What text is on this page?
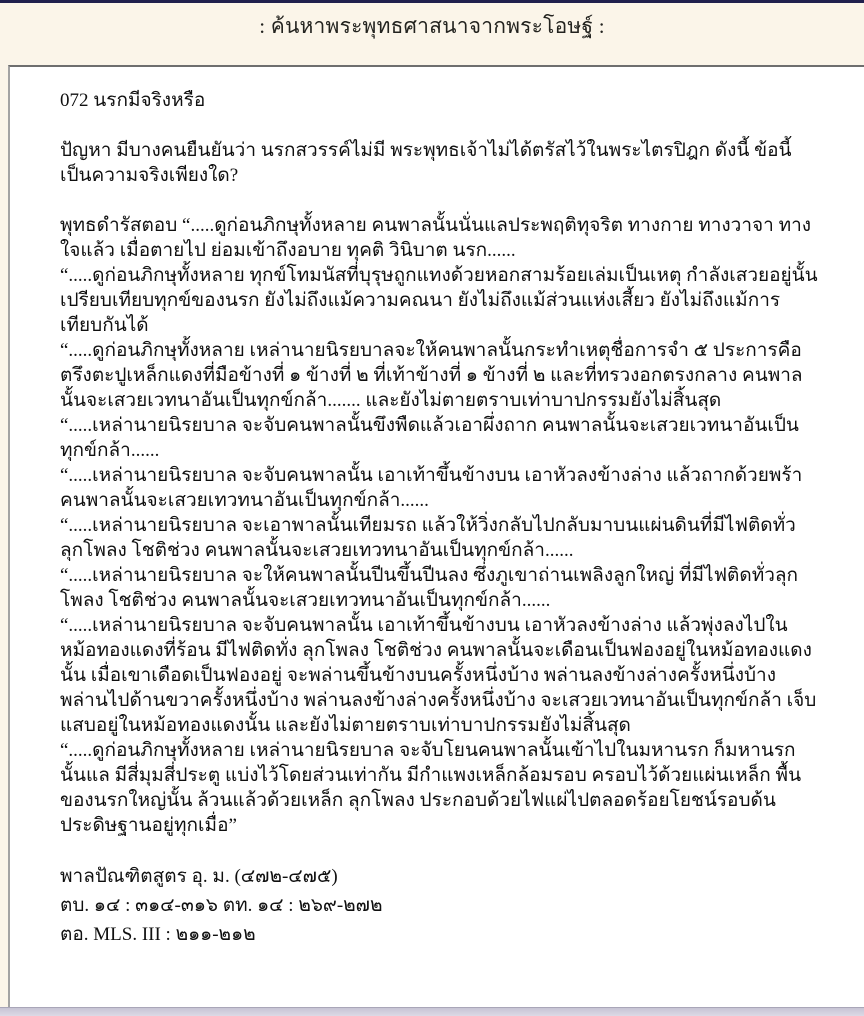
: ค้นหาพระพุทธศาสนาจากพระโอษฐ์ :

072 นรกมีจริงหรือ

ปัญหา มีบางคนยืนยันว่า นรกสวรรค์ไม่มี พระพุทธเจ้าไม่ได้ตรัสไว้ในพระไตรปิฎก ดังนี้ ข้อนี้เป็นความจริงเพียงใด?

พุทธดำรัสตอบ “.....ดูก่อนภิกษุทั้งหลาย คนพาลนั้นนั่นแลประพฤติทุจริต ทางกาย ทางวาจา ทางใจแล้ว เมื่อตายไป ย่อมเข้าถึงอบาย ทุคติ วินิบาต นรก......

“.....ดูก่อนภิกษุทั้งหลาย ทุกข์โทมนัสที่บุรุษถูกแทงด้วยหอกสามร้อยเล่มเป็นเหตุ กำลังเสวยอยู่นั้นเปรียบเทียบทุกข์ของนรก ยังไม่ถึงแม้ความคณนา ยังไม่ถึงแม้ส่วนแห่งเสี้ยว ยังไม่ถึงแม้การเทียบกันได้

“.....ดูก่อนภิกษุทั้งหลาย เหล่านายนิรยบาลจะให้คนพาลนั้นกระทำเหตุชื่อการจำ ๕ ประการคือ ตรึงตะปูเหล็กแดงที่มือข้างที่ ๑ ข้างที่ ๒ ที่เท้าข้างที่ ๑ ข้างที่ ๒ และที่ทรวงอกตรงกลาง คนพาลนั้นจะเสวยเวทนาอันเป็นทุกข์กล้า....... และยังไม่ตายตราบเท่าบาปกรรมยังไม่สิ้นสุด

“.....เหล่านายนิรยบาล จะจับคนพาลนั้นขึงพืดแล้วเอาผึ่งถาก คนพาลนั้นจะเสวยเวทนาอันเป็นทุกข์กล้า......

“.....เหล่านายนิรยบาล จะจับคนพาลนั้น เอาเท้าขึ้นข้างบน เอาหัวลงข้างล่าง แล้วถากด้วยพร้า คนพาลนั้นจะเสวยเทวทนาอันเป็นทุกข์กล้า......

“.....เหล่านายนิรยบาล จะเอาพาลนั้นเทียมรถ แล้วให้วิ่งกลับไปกลับมาบนแผ่นดินที่มีไฟติดทั่ว ลุกโพลง โชติช่วง คนพาลนั้นจะเสวยเทวทนาอันเป็นทุกข์กล้า......

“.....เหล่านายนิรยบาล จะให้คนพาลนั้นปีนขึ้นปีนลง ซึ่งภูเขาถ่านเพลิงลูกใหญ่ ที่มีไฟติดทั่วลุกโพลง โชติช่วง คนพาลนั้นจะเสวยเทวทนาอันเป็นทุกข์กล้า......

“.....เหล่านายนิรยบาล จะจับคนพาลนั้น เอาเท้าขึ้นข้างบน เอาหัวลงข้างล่าง แล้วพุ่งลงไปในหม้อทองแดงที่ร้อน มีไฟติดทั่ง ลุกโพลง โชติช่วง คนพาลนั้นจะเดือนเป็นฟองอยู่ในหม้อทองแดงนั้น เมื่อเขาเดือดเป็นฟองอยู่ จะพล่านขึ้นข้างบนครั้งหนึ่งบ้าง พล่านลงข้างล่างครั้งหนึ่งบ้าง พล่านไปด้านขวาครั้งหนึ่งบ้าง พล่านลงข้างล่างครั้งหนึ่งบ้าง จะเสวยเวทนาอันเป็นทุกข์กล้า เจ็บแสบอยู่ในหม้อทองแดงนั้น และยังไม่ตายตราบเท่าบาปกรรมยังไม่สิ้นสุด

“.....ดูก่อนภิกษุทั้งหลาย เหล่านายนิรยบาล จะจับโยนคนพาลนั้นเข้าไปในมหานรก ก็มหานรกนั้นแล มีสี่มุมสี่ประตู แบ่งไว้โดยส่วนเท่ากัน มีกำแพงเหล็กล้อมรอบ ครอบไว้ด้วยแผ่นเหล็ก พื้นของนรกใหญ่นั้น ล้วนแล้วด้วยเหล็ก ลุกโพลง ประกอบด้วยไฟแผ่ไปตลอดร้อยโยชน์รอบด้น ประดิษฐานอยู่ทุกเมื่อ”

พาลปัณฑิตสูตร อุ. ม. (๔๗๒-๔๗๕)

ตบ. ๑๔ : ๓๑๔-๓๑๖ ตท. ๑๔ : ๒๖๙-๒๗๒

ตอ. MLS. III : ๒๑๑-๒๑๒
